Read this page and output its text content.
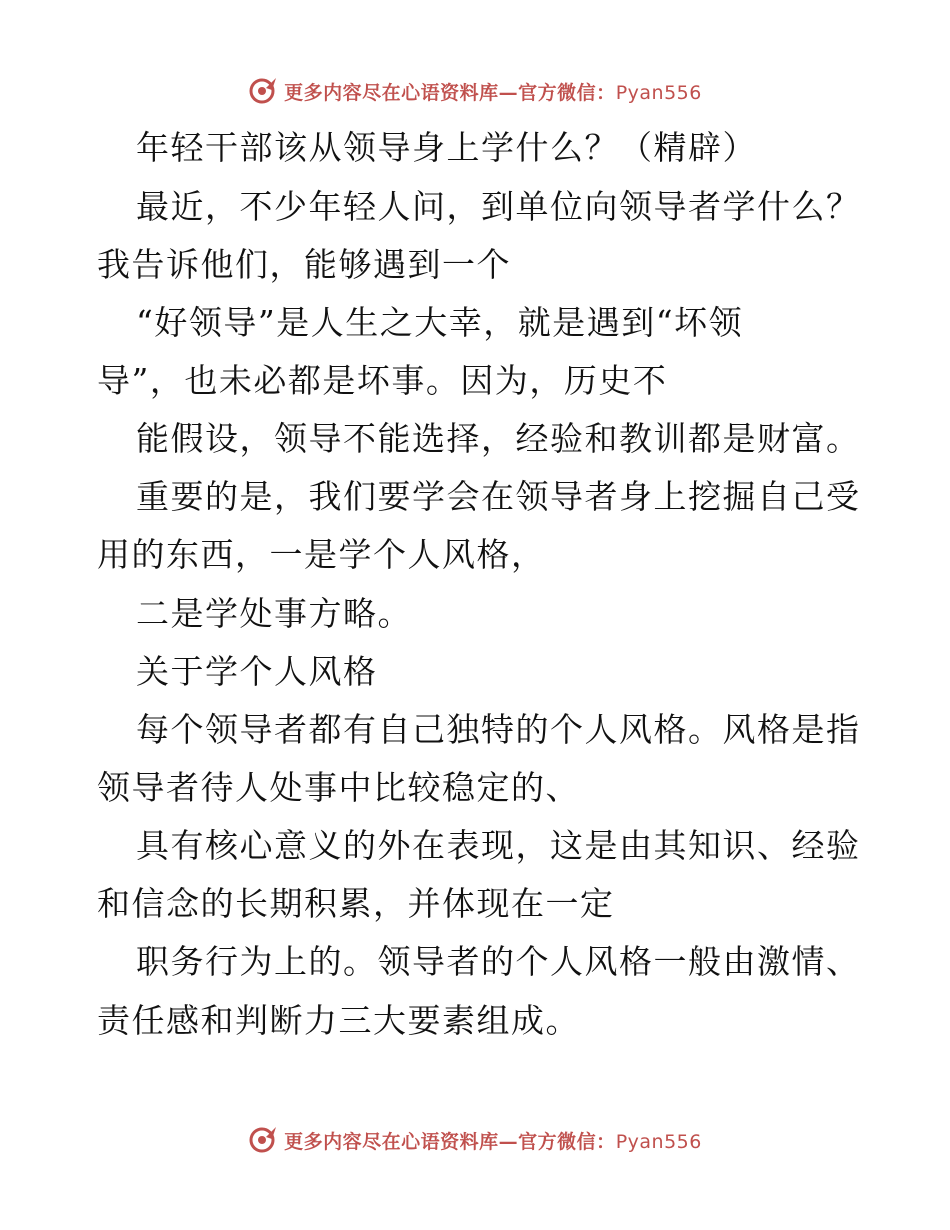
更多内容尽在心语资料库—官方微信：Pyan556
年轻干部该从领导身上学什么？（精辟）
最近，不少年轻人问，到单位向领导者学什么？
我告诉他们，能够遇到一个
“好领导”是人生之大幸，就是遇到“坏领
导”，也未必都是坏事。因为，历史不
能假设，领导不能选择，经验和教训都是财富。
重要的是，我们要学会在领导者身上挖掘自己受
用的东西，一是学个人风格，
二是学处事方略。
关于学个人风格
每个领导者都有自己独特的个人风格。风格是指
领导者待人处事中比较稳定的、
具有核心意义的外在表现，这是由其知识、经验
和信念的长期积累，并体现在一定
职务行为上的。领导者的个人风格一般由激情、
责任感和判断力三大要素组成。
更多内容尽在心语资料库—官方微信：Pyan556
